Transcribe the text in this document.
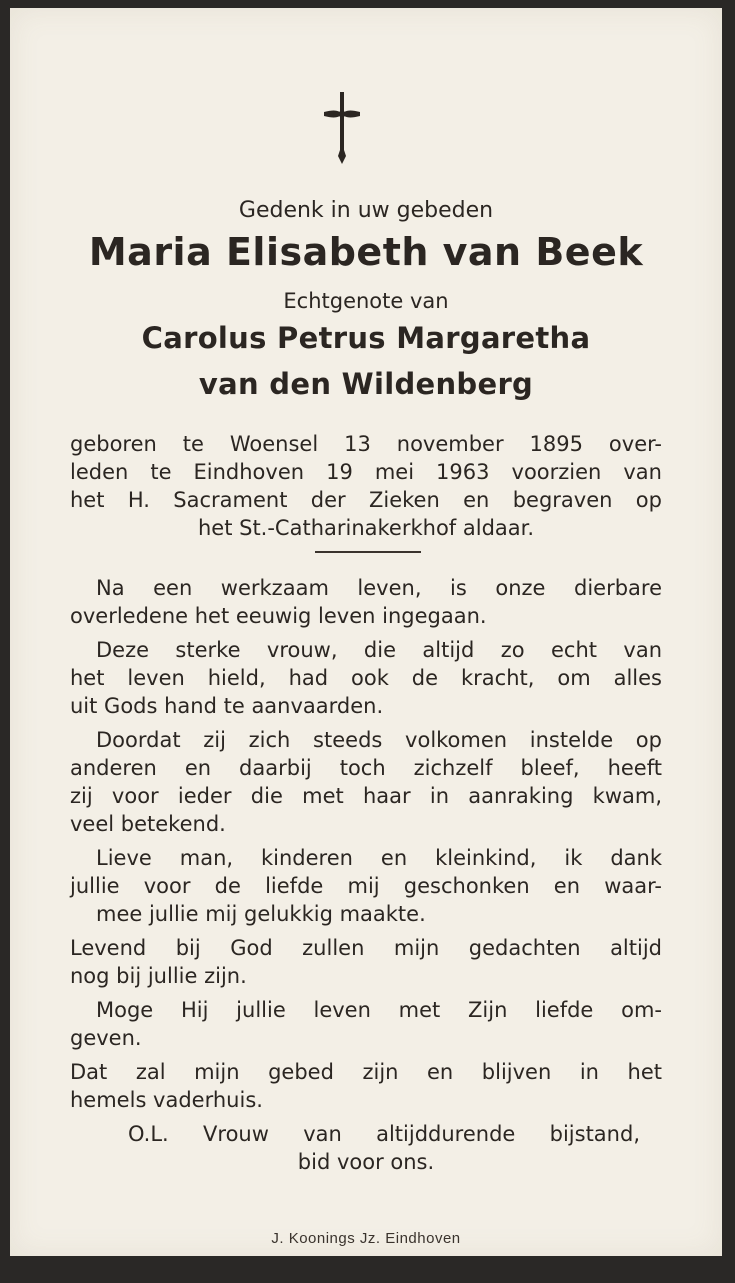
Gedenk in uw gebeden
Maria Elisabeth van Beek
Echtgenote van
Carolus Petrus Margaretha
van den Wildenberg
geboren te Woensel 13 november 1895 over-
leden te Eindhoven 19 mei 1963 voorzien van
het H. Sacrament der Zieken en begraven op
het St.-Catharinakerkhof aldaar.
Na een werkzaam leven, is onze dierbare
overledene het eeuwig leven ingegaan.
Deze sterke vrouw, die altijd zo echt van
het leven hield, had ook de kracht, om alles
uit Gods hand te aanvaarden.
Doordat zij zich steeds volkomen instelde op
anderen en daarbij toch zichzelf bleef, heeft
zij voor ieder die met haar in aanraking kwam,
veel betekend.
Lieve man, kinderen en kleinkind, ik dank
jullie voor de liefde mij geschonken en waar-
mee jullie mij gelukkig maakte.
Levend bij God zullen mijn gedachten altijd
nog bij jullie zijn.
Moge Hij jullie leven met Zijn liefde om-
geven.
Dat zal mijn gebed zijn en blijven in het
hemels vaderhuis.
O.L. Vrouw van altijddurende bijstand,
bid voor ons.
J. Koonings Jz. Eindhoven
